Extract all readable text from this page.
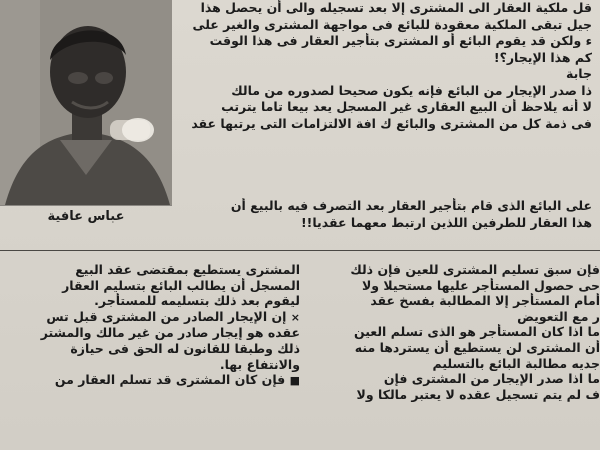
عباس عافية

قل ملكية العقار الى المشترى إلا بعد تسجيله والى أن يحصل هذا

جيل تبقى الملكية معقودة للبائع فى مواجهة المشترى والغير على

ء ولكن قد يقوم البائع أو المشترى بتأجير العقار فى هذا الوقت

كم هذا الإيجار؟!

جابة

ذا صدر الإيجار من البائع فإنه يكون صحيحا لصدوره من مالك

لا أنه يلاحظ أن البيع العقارى غير المسجل يعد بيعا تاما يترتب

فى ذمة كل من المشترى والبائع ك افة الالتزامات التى يرتبها عقد

على البائع الذى قام بتأجير العقار بعد التصرف فيه بالبيع أن

هذا العقار للطرفين اللذين ارتبط معهما عقديا!!

فإن سبق تسليم المشترى للعين فإن ذلك

حى حصول المستأجر عليها مستحيلا ولا

أمام المستأجر إلا المطالبة بفسخ عقد

ر مع التعويض

ما اذا كان المستأجر هو الذى تسلم العين

أن المشترى لن يستطيع أن يستردها منه

جديه مطالبة البائع بالتسليم

ما اذا صدر الإيجار من المشترى فإن

ف لم يتم تسجيل عقده لا يعتبر مالكا ولا

المشترى يستطيع بمقتضى عقد البيع

المسجل أن يطالب البائع بتسليم العقار

ليقوم بعد ذلك بتسليمه للمستأجر.

× إن الإيجار الصادر من المشترى قبل تس

عقده هو إيجار صادر من غير مالك والمشتر

ذلك وطبقا للقانون له الحق فى حيازة

والانتفاع بها.

■ فإن كان المشترى قد تسلم العقار من
